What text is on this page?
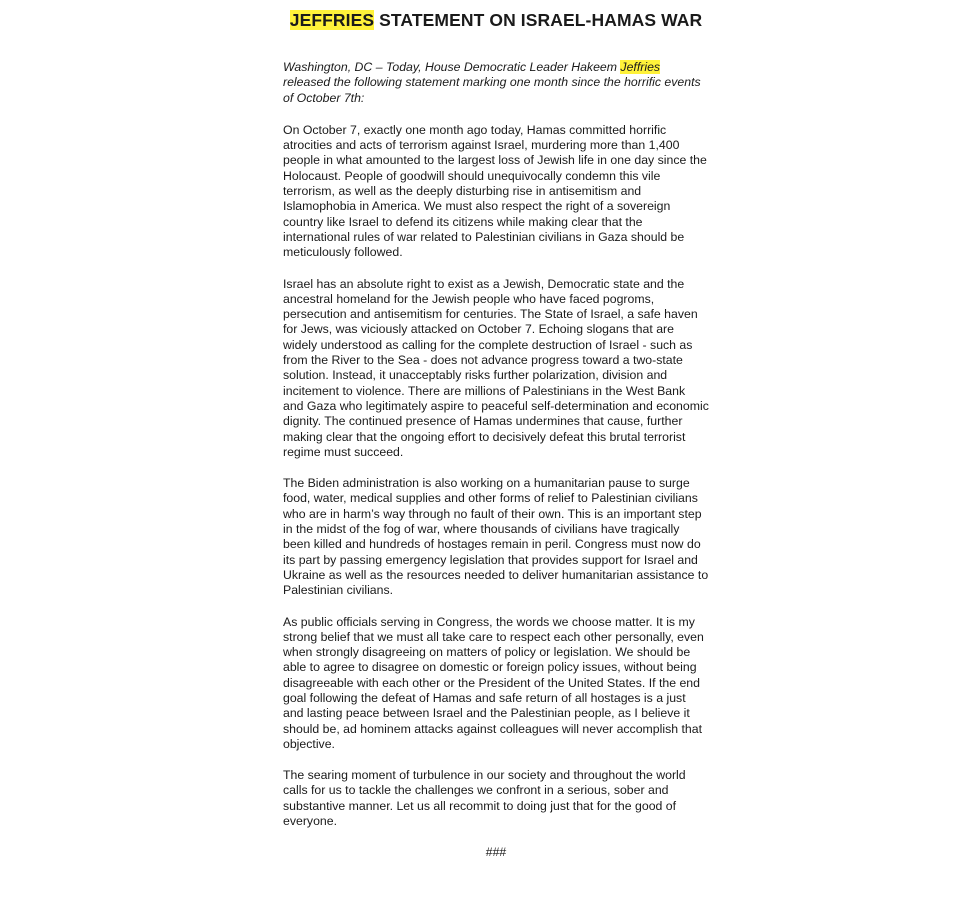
JEFFRIES STATEMENT ON ISRAEL-HAMAS WAR

Washington, DC – Today, House Democratic Leader Hakeem Jeffries released the following statement marking one month since the horrific events of October 7th:

On October 7, exactly one month ago today, Hamas committed horrific atrocities and acts of terrorism against Israel, murdering more than 1,400 people in what amounted to the largest loss of Jewish life in one day since the Holocaust. People of goodwill should unequivocally condemn this vile terrorism, as well as the deeply disturbing rise in antisemitism and Islamophobia in America. We must also respect the right of a sovereign country like Israel to defend its citizens while making clear that the international rules of war related to Palestinian civilians in Gaza should be meticulously followed.

Israel has an absolute right to exist as a Jewish, Democratic state and the ancestral homeland for the Jewish people who have faced pogroms, persecution and antisemitism for centuries. The State of Israel, a safe haven for Jews, was viciously attacked on October 7. Echoing slogans that are widely understood as calling for the complete destruction of Israel - such as from the River to the Sea - does not advance progress toward a two-state solution. Instead, it unacceptably risks further polarization, division and incitement to violence. There are millions of Palestinians in the West Bank and Gaza who legitimately aspire to peaceful self-determination and economic dignity. The continued presence of Hamas undermines that cause, further making clear that the ongoing effort to decisively defeat this brutal terrorist regime must succeed.

The Biden administration is also working on a humanitarian pause to surge food, water, medical supplies and other forms of relief to Palestinian civilians who are in harm’s way through no fault of their own. This is an important step in the midst of the fog of war, where thousands of civilians have tragically been killed and hundreds of hostages remain in peril. Congress must now do its part by passing emergency legislation that provides support for Israel and Ukraine as well as the resources needed to deliver humanitarian assistance to Palestinian civilians.

As public officials serving in Congress, the words we choose matter. It is my strong belief that we must all take care to respect each other personally, even when strongly disagreeing on matters of policy or legislation. We should be able to agree to disagree on domestic or foreign policy issues, without being disagreeable with each other or the President of the United States. If the end goal following the defeat of Hamas and safe return of all hostages is a just and lasting peace between Israel and the Palestinian people, as I believe it should be, ad hominem attacks against colleagues will never accomplish that objective.

The searing moment of turbulence in our society and throughout the world calls for us to tackle the challenges we confront in a serious, sober and substantive manner. Let us all recommit to doing just that for the good of everyone.

###
